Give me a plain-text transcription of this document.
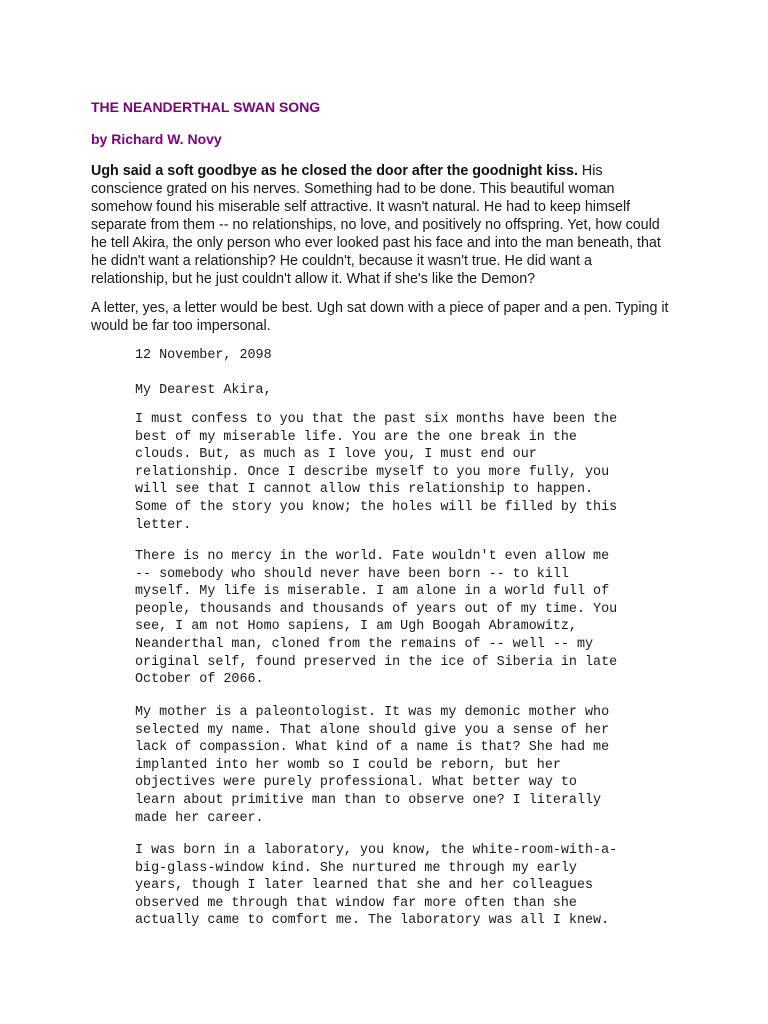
THE NEANDERTHAL SWAN SONG
by Richard W. Novy

Ugh said a soft goodbye as he closed the door after the goodnight kiss. His conscience grated on his nerves. Something had to be done. This beautiful woman somehow found his miserable self attractive. It wasn't natural. He had to keep himself separate from them -- no relationships, no love, and positively no offspring. Yet, how could he tell Akira, the only person who ever looked past his face and into the man beneath, that he didn't want a relationship? He couldn't, because it wasn't true. He did want a relationship, but he just couldn't allow it. What if she's like the Demon?

A letter, yes, a letter would be best. Ugh sat down with a piece of paper and a pen. Typing it would be far too impersonal.

12 November, 2098

My Dearest Akira,

I must confess to you that the past six months have been the
best of my miserable life. You are the one break in the
clouds. But, as much as I love you, I must end our
relationship. Once I describe myself to you more fully, you
will see that I cannot allow this relationship to happen.
Some of the story you know; the holes will be filled by this
letter.

There is no mercy in the world. Fate wouldn't even allow me
-- somebody who should never have been born -- to kill
myself. My life is miserable. I am alone in a world full of
people, thousands and thousands of years out of my time. You
see, I am not Homo sapiens, I am Ugh Boogah Abramowitz,
Neanderthal man, cloned from the remains of -- well -- my
original self, found preserved in the ice of Siberia in late
October of 2066.

My mother is a paleontologist. It was my demonic mother who
selected my name. That alone should give you a sense of her
lack of compassion. What kind of a name is that? She had me
implanted into her womb so I could be reborn, but her
objectives were purely professional. What better way to
learn about primitive man than to observe one? I literally
made her career.

I was born in a laboratory, you know, the white-room-with-a-
big-glass-window kind. She nurtured me through my early
years, though I later learned that she and her colleagues
observed me through that window far more often than she
actually came to comfort me. The laboratory was all I knew.
